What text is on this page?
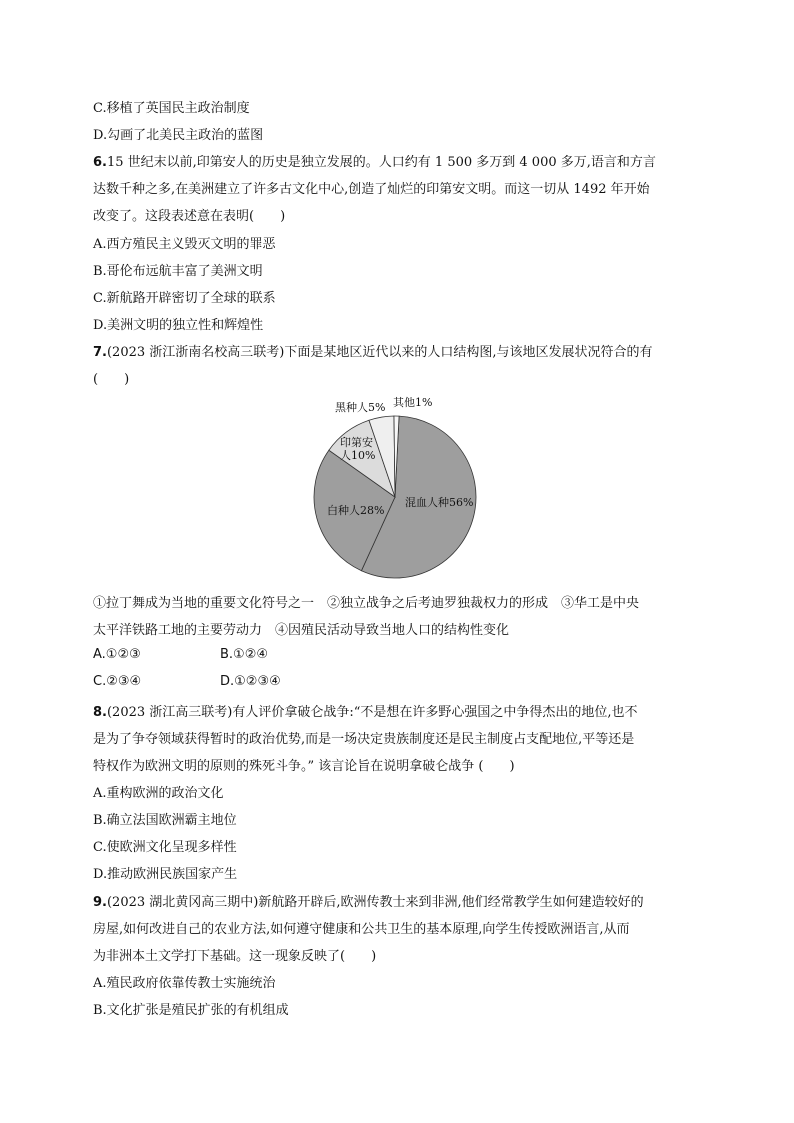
C.移植了英国民主政治制度
D.勾画了北美民主政治的蓝图
6.15 世纪末以前,印第安人的历史是独立发展的。人口约有 1 500 多万到 4 000 多万,语言和方言
达数千种之多,在美洲建立了许多古文化中心,创造了灿烂的印第安文明。而这一切从 1492 年开始
改变了。这段表述意在表明(　　)
A.西方殖民主义毁灭文明的罪恶
B.哥伦布远航丰富了美洲文明
C.新航路开辟密切了全球的联系
D.美洲文明的独立性和辉煌性
7.(2023 浙江浙南名校高三联考)下面是某地区近代以来的人口结构图,与该地区发展状况符合的有
(　　)
混血人种56%
白种人28%
印第安
人10%
黑种人5% 其他1%
①拉丁舞成为当地的重要文化符号之一　②独立战争之后考迪罗独裁权力的形成　③华工是中央
太平洋铁路工地的主要劳动力　④因殖民活动导致当地人口的结构性变化
A.①②③	B.①②④
C.②③④	D.①②③④
8.(2023 浙江高三联考)有人评价拿破仑战争:“不是想在许多野心强国之中争得杰出的地位,也不
是为了争夺领域获得暂时的政治优势,而是一场决定贵族制度还是民主制度占支配地位,平等还是
特权作为欧洲文明的原则的殊死斗争。” 该言论旨在说明拿破仑战争 (　　)
A.重构欧洲的政治文化
B.确立法国欧洲霸主地位
C.使欧洲文化呈现多样性
D.推动欧洲民族国家产生
9.(2023 湖北黄冈高三期中)新航路开辟后,欧洲传教士来到非洲,他们经常教学生如何建造较好的
房屋,如何改进自己的农业方法,如何遵守健康和公共卫生的基本原理,向学生传授欧洲语言,从而
为非洲本土文学打下基础。这一现象反映了(　　)
A.殖民政府依靠传教士实施统治
B.文化扩张是殖民扩张的有机组成
